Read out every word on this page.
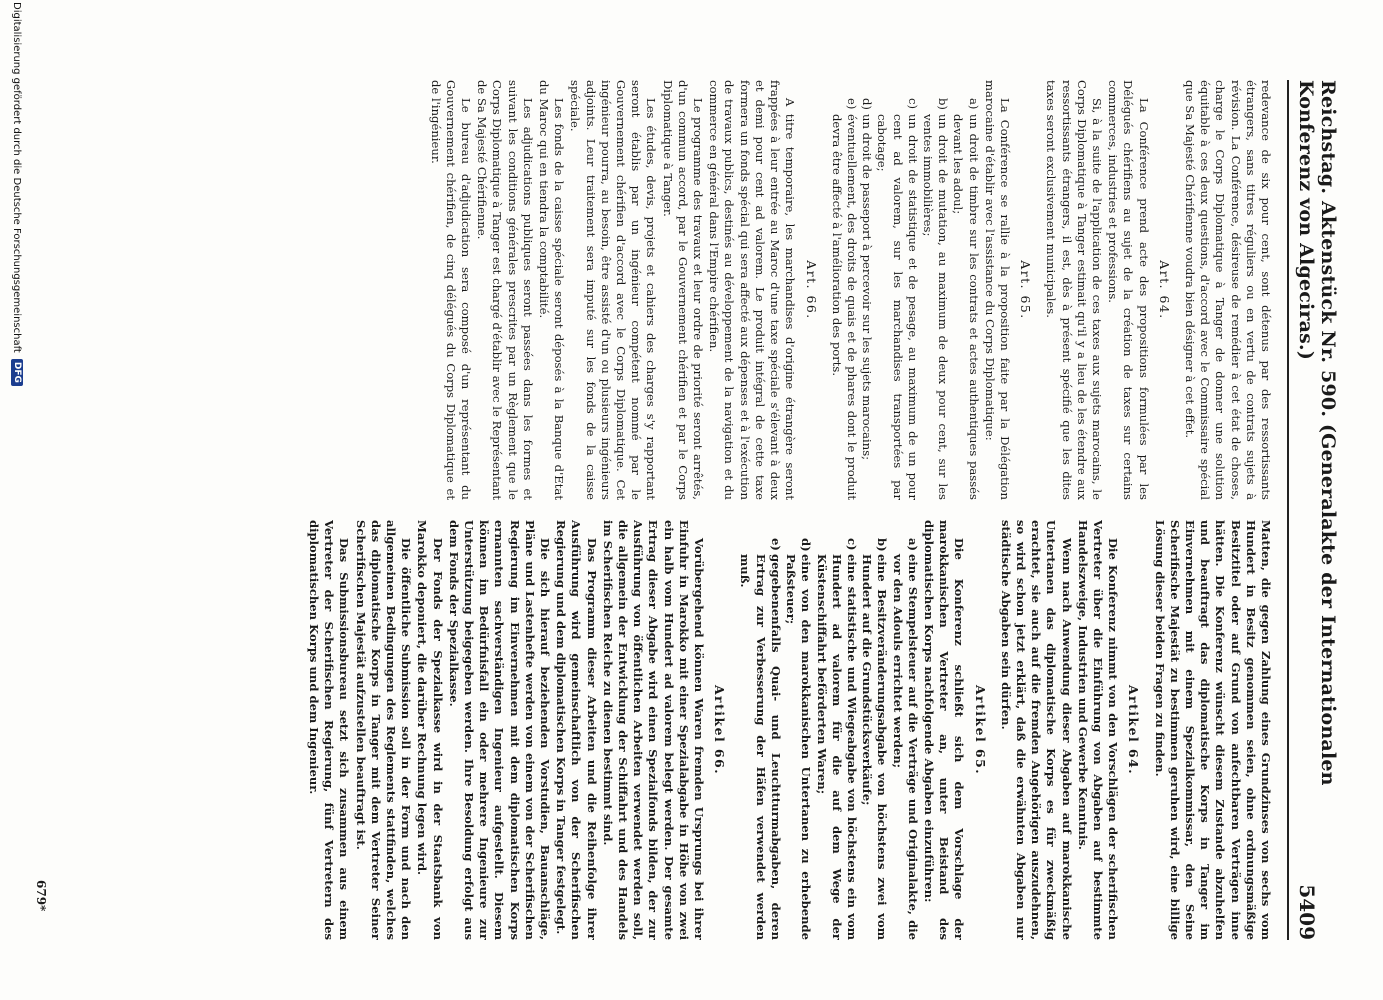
Reichstag. Aktenstück Nr. 590. (Generalakte der Internationalen Konferenz von Algeciras.)
5409

redevance de six pour cent, sont détenus par des ressortissants étrangers, sans titres réguliers ou en vertu de contrats sujets à révision. La Conférence, désireuse de remédier à cet état de choses, charge le Corps Diplomatique à Tanger de donner une solution équitable à ces deux questions, d'accord avec le Commissaire spécial que Sa Majesté Chérifienne voudra bien désigner à cet effet.

Art. 64.

La Conférence prend acte des propositions formulées par les Délégués chérifiens au sujet de la création de taxes sur certains commerces, industries et professions.

Si, à la suite de l'application de ces taxes aux sujets marocains, le Corps Diplomatique à Tanger estimait qu'il y a lieu de les étendre aux ressortissants étrangers, il est, dès à présent spécifié que les dites taxes seront exclusivement municipales.

Art. 65.

La Conférence se rallie à la proposition faite par la Délégation marocaine d'établir avec l'assistance du Corps Diplomatique:

a)un droit de timbre sur les contrats et actes authentiques passés devant les adoul;
b)un droit de mutation, au maximum de deux pour cent, sur les ventes immobilières;
c)un droit de statistique et de pesage, au maximum de un pour cent ad valorem, sur les marchandises transportées par cabotage;
d)un droit de passeport à percevoir sur les sujets marocains;
e)éventuellement, des droits de quais et de phares dont le produit devra être affecté à l'amélioration des ports.
Art. 66.

A titre temporaire, les marchandises d'origine étrangère seront frappées à leur entrée au Maroc d'une taxe spéciale s'élevant à deux et demi pour cent ad valorem. Le produit intégral de cette taxe formera un fonds spécial qui sera affecté aux dépenses et à l'exécution de travaux publics, destinés au développement de la navigation et du commerce en général dans l'Empire chérifien.

Le programme des travaux et leur ordre de priorité seront arrêtés, d'un commun accord, par le Gouvernement chérifien et par le Corps Diplomatique à Tanger.

Les études, devis, projets et cahiers des charges s'y rapportant seront établis par un ingénieur compétent nommé par le Gouvernement chérifien d'accord avec le Corps Diplomatique. Cet ingénieur pourra, au besoin, être assisté d'un ou plusieurs ingénieurs adjoints. Leur traitement sera imputé sur les fonds de la caisse spéciale.

Les fonds de la caisse spéciale seront déposés à la Banque d'Etat du Maroc qui en tiendra la comptabilité.

Les adjudications publiques seront passées dans les formes et suivant les conditions générales prescrites par un Règlement que le Corps Diplomatique à Tanger est chargé d'établir avec le Représentant de Sa Majesté Chérifienne.

Le bureau d'adjudication sera composé d'un représentant du Gouvernement chérifien, de cinq délégués du Corps Diplomatique et de l'ingénieur.

Matten, die gegen Zahlung eines Grundzinses von sechs vom Hundert in Besitz genommen seien, ohne ordnungsmäßige Besitztitel oder auf Grund von anfechtbaren Verträgen inne hätten. Die Konferenz wünscht diesem Zustande abzuhelfen und beauftragt das diplomatische Korps in Tanger im Einvernehmen mit einem Spezialkommissar, den Seine Scherifische Majestät zu bestimmen geruhen wird, eine billige Lösung dieser beiden Fragen zu finden.

Artikel 64.

Die Konferenz nimmt von den Vorschlägen der scherifischen Vertreter über die Einführung von Abgaben auf bestimmte Handelszweige, Industrien und Gewerbe Kenntnis.

Wenn nach Anwendung dieser Abgaben auf marokkanische Untertanen das diplomatische Korps es für zweckmäßig erachtet, sie auch auf die fremden Angehörigen auszudehnen, so wird schon jetzt erklärt, daß die erwähnten Abgaben nur städtische Abgaben sein dürfen.

Artikel 65.

Die Konferenz schließt sich dem Vorschlage der marokkanischen Vertreter an, unter Beistand des diplomatischen Korps nachfolgende Abgaben einzuführen:

a)eine Stempelsteuer auf die Verträge und Originalakte, die vor den Adouls errichtet werden;
b)eine Besitzveränderungsabgabe von höchstens zwei vom Hundert auf die Grundstücksverkäufe;
c)eine statistische und Wiegeabgabe von höchstens ein vom Hundert ad valorem für die auf dem Wege der Küstenschiffahrt beförderten Waren;
d)eine von den marokkanischen Untertanen zu erhebende Paßsteuer;
e)gegebenenfalls Quai- und Leuchtturmabgaben, deren Ertrag zur Verbesserung der Häfen verwendet werden muß.
Artikel 66.

Vorübergehend können Waren fremden Ursprungs bei ihrer Einfuhr in Marokko mit einer Spezialabgabe in Höhe von zwei ein halb vom Hundert ad valorem belegt werden. Der gesamte Ertrag dieser Abgabe wird einen Spezialfonds bilden, der zur Ausführung von öffentlichen Arbeiten verwendet werden soll, die allgemein der Entwicklung der Schiffahrt und des Handels im Scherifischen Reiche zu dienen bestimmt sind.

Das Programm dieser Arbeiten und die Reihenfolge ihrer Ausführung wird gemeinschaftlich von der Scherifischen Regierung und dem diplomatischen Korps in Tanger festgelegt.

Die sich hierauf beziehenden Vorstudien, Bauanschläge, Pläne und Lastenhefte werden von einem von der Scherifischen Regierung im Einvernehmen mit dem diplomatischen Korps ernannten sachverständigen Ingenieur aufgestellt. Diesem können im Bedürfnisfall ein oder mehrere Ingenieure zur Unterstützung beigegeben werden. Ihre Besoldung erfolgt aus dem Fonds der Spezialkasse.

Der Fonds der Spezialkasse wird in der Staatsbank von Marokko deponiert, die darüber Rechnung legen wird.

Die öffentliche Submission soll in der Form und nach den allgemeinen Bedingungen des Reglements stattfinden, welches das diplomatische Korps in Tanger mit dem Vertreter Seiner Scherifischen Majestät aufzustellen beauftragt ist.

Das Submissionsbureau setzt sich zusammen aus einem Vertreter der Scherifischen Regierung, fünf Vertretern des diplomatischen Korps und dem Ingenieur.

679*
Digitalisierung gefördert durch die Deutsche Forschungsgemeinschaft
DFG
